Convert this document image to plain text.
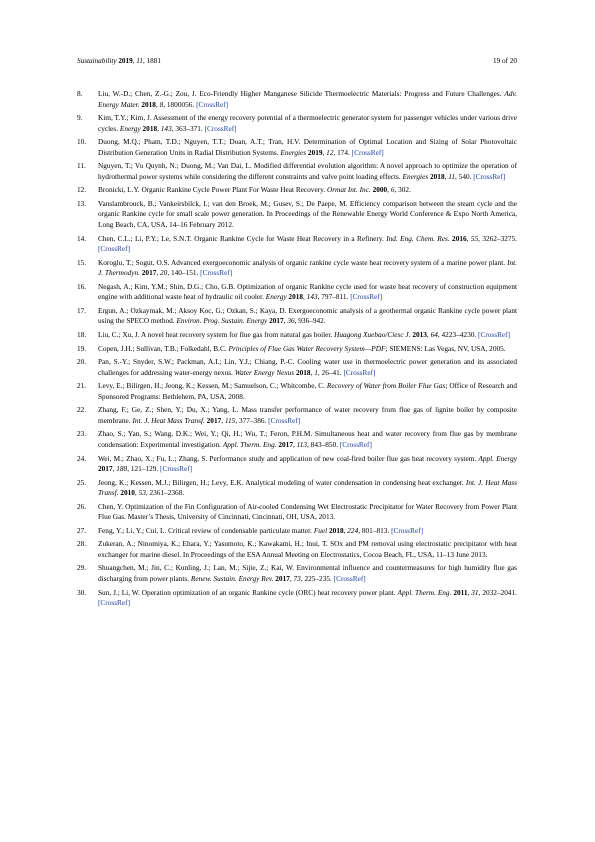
Sustainability 2019, 11, 1881	19 of 20
8.	Liu, W.-D.; Chen, Z.-G.; Zou, J. Eco-Friendly Higher Manganese Silicide Thermoelectric Materials: Progress and Future Challenges. Adv. Energy Mater. 2018, 8, 1800056. [CrossRef]
9.	Kim, T.Y.; Kim, J. Assessment of the energy recovery potential of a thermoelectric generator system for passenger vehicles under various drive cycles. Energy 2018, 143, 363–371. [CrossRef]
10.	Duong, M.Q.; Pham, T.D.; Nguyen, T.T.; Doan, A.T.; Tran, H.V. Determination of Optimal Location and Sizing of Solar Photovoltaic Distribution Generation Units in Radial Distribution Systems. Energies 2019, 12, 174. [CrossRef]
11.	Nguyen, T.; Vu Quynh, N.; Duong, M.; Van Dai, L. Modified differential evolution algorithm: A novel approach to optimize the operation of hydrothermal power systems while considering the different constraints and valve point loading effects. Energies 2018, 11, 540. [CrossRef]
12.	Bronicki, L.Y. Organic Rankine Cycle Power Plant For Waste Heat Recovery. Ormat Int. Inc. 2000, 6, 302.
13.	Vanslambrouck, B.; Vankeirsbilck, I.; van den Broek, M.; Gusev, S.; De Paepe, M. Efficiency comparison between the steam cycle and the organic Rankine cycle for small scale power generation. In Proceedings of the Renewable Energy World Conference & Expo North America, Long Beach, CA, USA, 14–16 February 2012.
14.	Chen, C.L.; Li, P.Y.; Le, S.N.T. Organic Rankine Cycle for Waste Heat Recovery in a Refinery. Ind. Eng. Chem. Res. 2016, 55, 3262–3275. [CrossRef]
15.	Koroglu, T.; Sogut, O.S. Advanced exergoeconomic analysis of organic rankine cycle waste heat recovery system of a marine power plant. Int. J. Thermodyn. 2017, 20, 140–151. [CrossRef]
16.	Negash, A.; Kim, Y.M.; Shin, D.G.; Cho, G.B. Optimization of organic Rankine cycle used for waste heat recovery of construction equipment engine with additional waste heat of hydraulic oil cooler. Energy 2018, 143, 797–811. [CrossRef]
17.	Ergun, A.; Ozkaymak, M.; Aksoy Koc, G.; Ozkan, S.; Kaya, D. Exergoeconomic analysis of a geothermal organic Rankine cycle power plant using the SPECO method. Environ. Prog. Sustain. Energy 2017, 36, 936–942.
18.	Liu, C.; Xu, J. A novel heat recovery system for flue gas from natural gas boiler. Huagong Xuebao/Ciesc J. 2013, 64, 4223–4230. [CrossRef]
19.	Copen, J.H.; Sullivan, T.B.; Folkedahl, B.C. Principles of Flue Gas Water Recovery System—PDF; SIEMENS: Las Vegas, NV, USA, 2005.
20.	Pan, S.-Y.; Snyder, S.W.; Packman, A.I.; Lin, Y.J.; Chiang, P.-C. Cooling water use in thermoelectric power generation and its associated challenges for addressing water-energy nexus. Water Energy Nexus 2018, 1, 26–41. [CrossRef]
21.	Levy, E.; Bilirgen, H.; Jeong, K.; Kessen, M.; Samuelson, C.; Whitcombe, C. Recovery of Water from Boiler Flue Gas; Office of Research and Sponsored Programs: Bethlehem, PA, USA, 2008.
22.	Zhang, F.; Ge, Z.; Shen, Y.; Du, X.; Yang, L. Mass transfer performance of water recovery from flue gas of lignite boiler by composite membrane. Int. J. Heat Mass Transf. 2017, 115, 377–386. [CrossRef]
23.	Zhao, S.; Yan, S.; Wang, D.K.; Wei, Y.; Qi, H.; Wu, T.; Feron, P.H.M. Simultaneous heat and water recovery from flue gas by membrane condensation: Experimental investigation. Appl. Therm. Eng. 2017, 113, 843–850. [CrossRef]
24.	Wei, M.; Zhao, X.; Fu, L.; Zhang, S. Performance study and application of new coal-fired boiler flue gas heat recovery system. Appl. Energy 2017, 188, 121–129. [CrossRef]
25.	Jeong, K.; Kessen, M.J.; Bilirgen, H.; Levy, E.K. Analytical modeling of water condensation in condensing heat exchanger. Int. J. Heat Mass Transf. 2010, 53, 2361–2368.
26.	Chen, Y. Optimization of the Fin Configuration of Air-cooled Condensing Wet Electrostatic Precipitator for Water Recovery from Power Plant Flue Gas. Master’s Thesis, University of Cincinnati, Cincinnati, OH, USA, 2013.
27.	Feng, Y.; Li, Y.; Cui, L. Critical review of condensable particulate matter. Fuel 2018, 224, 801–813. [CrossRef]
28.	Zukeran, A.; Ninomiya, K.; Ehara, Y.; Yasumoto, K.; Kawakami, H.; Inui, T. SOx and PM removal using electrostatic precipitator with heat exchanger for marine diesel. In Proceedings of the ESA Annual Meeting on Electrostatics, Cocoa Beach, FL, USA, 11–13 June 2013.
29.	Shuangchen, M.; Jin, C.; Kunling, J.; Lan, M.; Sijie, Z.; Kai, W. Environmental influence and countermeasures for high humidity flue gas discharging from power plants. Renew. Sustain. Energy Rev. 2017, 73, 225–235. [CrossRef]
30.	Sun, J.; Li, W. Operation optimization of an organic Rankine cycle (ORC) heat recovery power plant. Appl. Therm. Eng. 2011, 31, 2032–2041. [CrossRef]
